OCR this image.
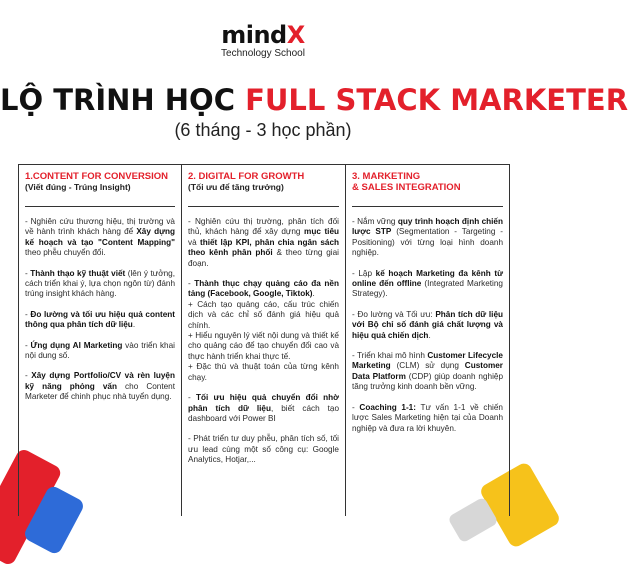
mindX
Technology School
LỘ TRÌNH HỌC FULL STACK MARKETER
(6 tháng - 3 học phần)
1.CONTENT FOR CONVERSION
(Viết đúng - Trúng Insight)
- Nghiên cứu thương hiệu, thị trường và về hành trình khách hàng để Xây dựng kế hoạch và tạo "Content Mapping" theo phễu chuyển đổi.
- Thành thạo kỹ thuật viết (lên ý tưởng, cách triển khai ý, lựa chọn ngôn từ) đánh trúng insight khách hàng.
- Đo lường và tối ưu hiệu quả content thông qua phân tích dữ liệu.
- Ứng dụng AI Marketing vào triển khai nội dung số.
- Xây dựng Portfolio/CV và rèn luyện kỹ năng phỏng vấn cho Content Marketer để chinh phục nhà tuyển dụng.
2. DIGITAL FOR GROWTH
(Tối ưu để tăng trưởng)
- Nghiên cứu thị trường, phân tích đối thủ, khách hàng để xây dựng mục tiêu và thiết lập KPI, phân chia ngân sách theo kênh phân phối & theo từng giai đoạn.
- Thành thục chạy quảng cáo đa nền tảng (Facebook, Google, Tiktok).
+ Cách tạo quảng cáo, cấu trúc chiến dịch và các chỉ số đánh giá hiệu quả chính.
+ Hiểu nguyên lý viết nội dung và thiết kế cho quảng cáo để tạo chuyển đổi cao và thực hành triển khai thực tế.
+ Đặc thù và thuật toán của từng kênh chạy.
- Tối ưu hiệu quả chuyển đổi nhờ phân tích dữ liệu, biết cách tạo dashboard với Power BI
- Phát triển tư duy phễu, phân tích số, tối ưu lead cùng một số công cụ: Google Analytics, Hotjar,...
3. MARKETING
& SALES INTEGRATION
- Nắm vững quy trình hoạch định chiến lược STP (Segmentation - Targeting - Positioning) với từng loại hình doanh nghiệp.
- Lập kế hoạch Marketing đa kênh từ online đến offline (Integrated Marketing Strategy).
- Đo lường và Tối ưu: Phân tích dữ liệu với Bộ chỉ số đánh giá chất lượng và hiệu quả chiến dịch.
- Triển khai mô hình Customer Lifecycle Marketing (CLM) sử dụng Customer Data Platform (CDP) giúp doanh nghiệp tăng trưởng kinh doanh bền vững.
- Coaching 1-1: Tư vấn 1-1 về chiến lược Sales Marketing hiện tại của Doanh nghiệp và đưa ra lời khuyên.
